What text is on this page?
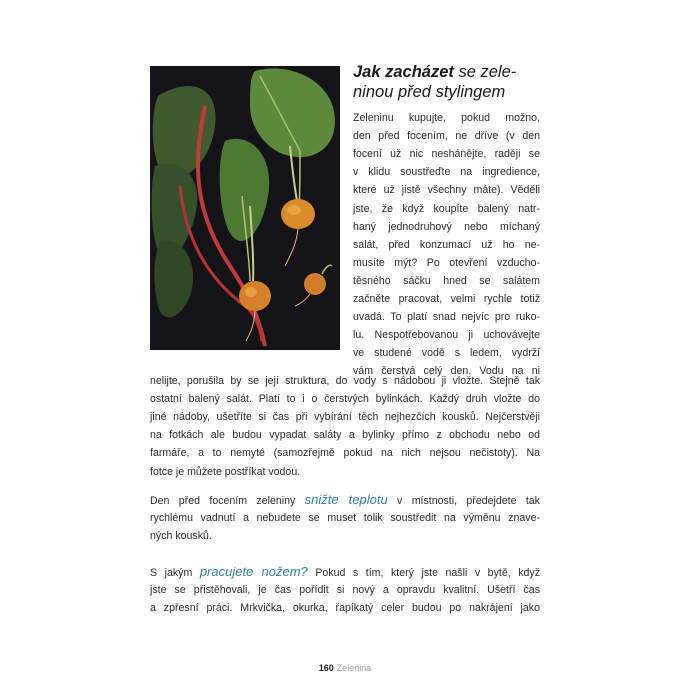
Jak zacházet se zele-
ninou před stylingem
Zeleninu kupujte, pokud možno,
den před focením, ne dříve (v den
focení už nic neshánějte, raději se
v klidu soustřeďte na ingredience,
které už jistě všechny máte). Věděli
jste, že když koupíte balený natr-
haný jednodruhový nebo míchaný
salát, před konzumací už ho ne-
musíte mýt? Po otevření vzducho-
těsného sáčku hned se salátem
začněte pracovat, velmi rychle totiž
uvadá. To platí snad nejvíc pro ruko-
lu. Nespotřebovanou ji uchovávejte
ve studené vodě s ledem, vydrží
vám čerstvá celý den. Vodu na ni
nelijte, porušila by se její struktura, do vody s nádobou ji vložte. Stejně tak
ostatní balený salát. Platí to i o čerstvých bylinkách. Každý druh vložte do
jiné nádoby, ušetříte si čas při vybírání těch nejhezčích kousků. Nejčerstvěji
na fotkách ale budou vypadat saláty a bylinky přímo z obchodu nebo od
farmáře, a to nemyté (samozřejmě pokud na nich nejsou nečistoty). Na
fotce je můžete postříkat vodou.
Den před focením zeleniny snižte teplotu v místnosti, předejdete tak
rychlému vadnutí a nebudete se muset tolik soustředit na výměnu znave-
ných kousků.
S jakým pracujete nožem? Pokud s tím, který jste našli v bytě, když
jste se přistěhovali, je čas pořídit si nový a opravdu kvalitní. Ušetří čas
a zpřesní práci. Mrkvička, okurka, řapíkatý celer budou po nakrájení jako
160 Zelenina
